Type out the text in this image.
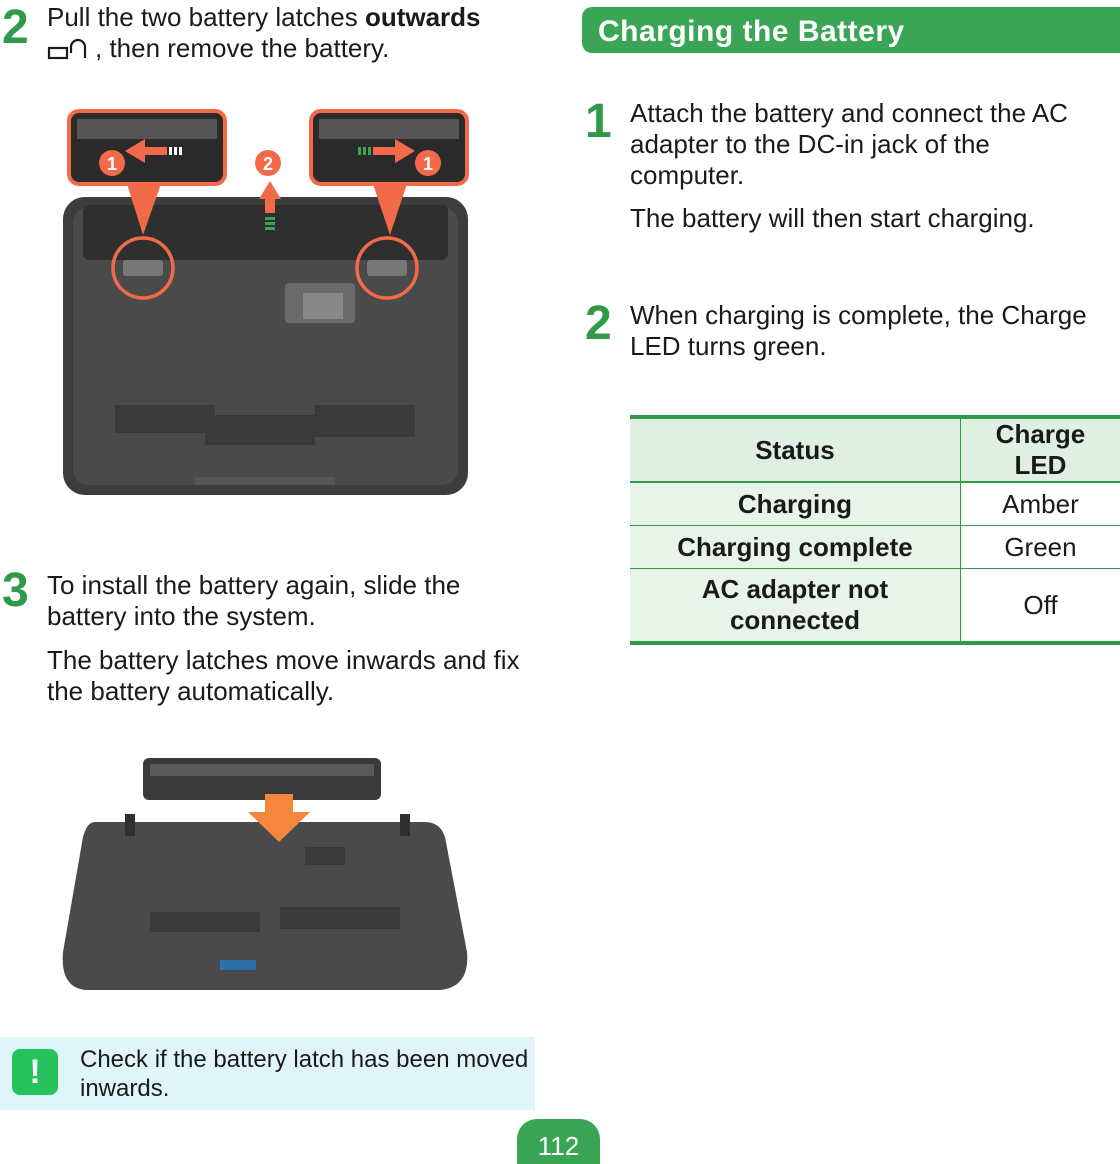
2 Pull the two battery latches outwards
, then remove the battery.
1	2	1
3 To install the battery again, slide the battery into the system.
The battery latches move inwards and fix the battery automatically.
!	Check if the battery latch has been moved inwards.
Charging the Battery
1 Attach the battery and connect the AC adapter to the DC-in jack of the computer.
The battery will then start charging.
2 When charging is complete, the Charge LED turns green.
Status	Charge LED
Charging	Amber
Charging complete	Green
AC adapter not connected	Off
112
